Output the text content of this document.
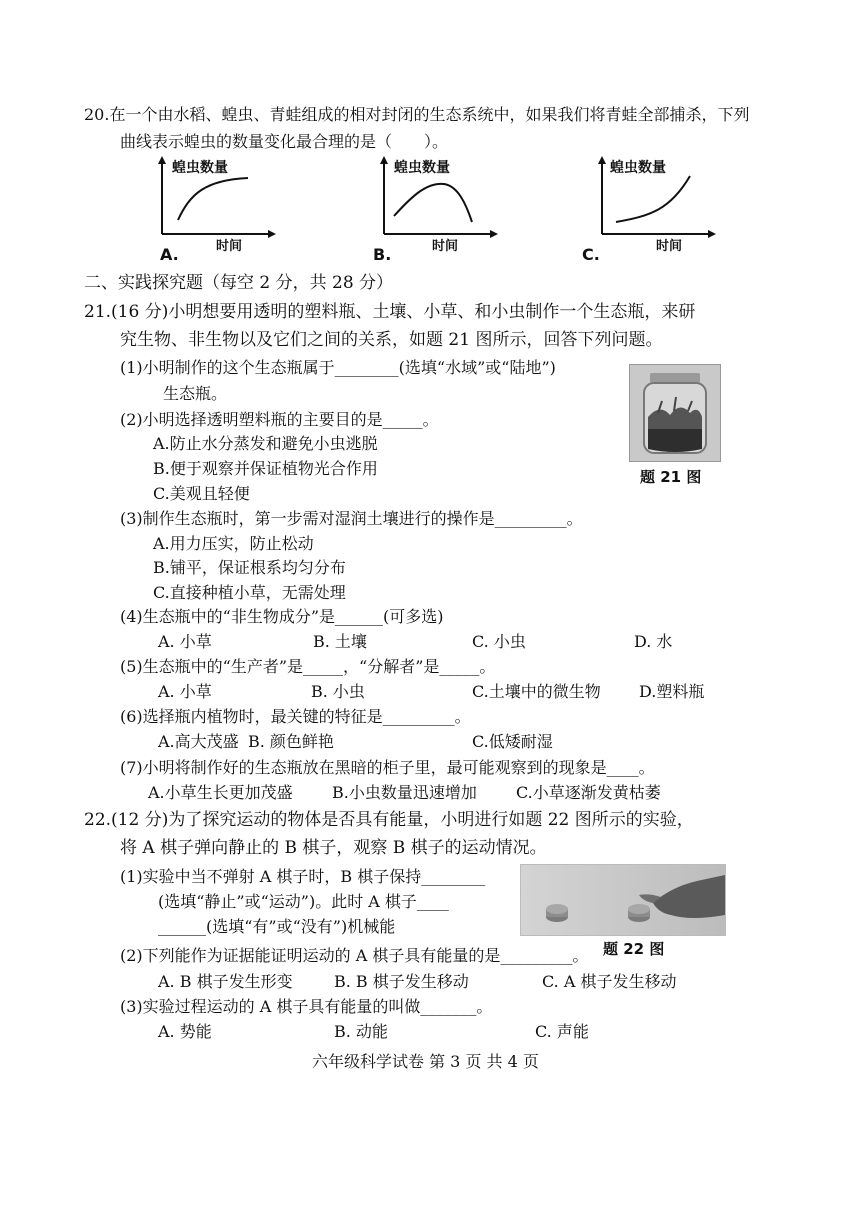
20.在一个由水稻、蝗虫、青蛙组成的相对封闭的生态系统中，如果我们将青蛙全部捕杀，下列
曲线表示蝗虫的数量变化最合理的是（　　）。
蝗虫数量
时间
A.
蝗虫数量
时间
B.
蝗虫数量
时间
C.
二、实践探究题（每空 2 分，共 28 分）
21.(16 分)小明想要用透明的塑料瓶、土壤、小草、和小虫制作一个生态瓶，来研
究生物、非生物以及它们之间的关系，如题 21 图所示，回答下列问题。
题 21 图
(1)小明制作的这个生态瓶属于________(选填“水域”或“陆地”)
生态瓶。
(2)小明选择透明塑料瓶的主要目的是_____。
A.防止水分蒸发和避免小虫逃脱
B.便于观察并保证植物光合作用
C.美观且轻便
(3)制作生态瓶时，第一步需对湿润土壤进行的操作是_________。
A.用力压实，防止松动
B.铺平，保证根系均匀分布
C.直接种植小草，无需处理
(4)生态瓶中的“非生物成分”是______(可多选)
A. 小草	B. 土壤	C. 小虫	D. 水
(5)生态瓶中的“生产者”是_____，“分解者”是_____。
A. 小草	B. 小虫	C.土壤中的微生物 D.塑料瓶
(6)选择瓶内植物时，最关键的特征是_________。
A.高大茂盛 B. 颜色鲜艳	C.低矮耐湿
(7)小明将制作好的生态瓶放在黑暗的柜子里，最可能观察到的现象是____。
A.小草生长更加茂盛 B.小虫数量迅速增加 C.小草逐渐发黄枯萎
22.(12 分)为了探究运动的物体是否具有能量，小明进行如题 22 图所示的实验，
将 A 棋子弹向静止的 B 棋子，观察 B 棋子的运动情况。
题 22 图
(1)实验中当不弹射 A 棋子时，B 棋子保持________
(选填“静止”或“运动”)。此时 A 棋子____
______(选填“有”或“没有”)机械能
(2)下列能作为证据能证明运动的 A 棋子具有能量的是_________。
A. B 棋子发生形变	B. B 棋子发生移动	C. A 棋子发生移动
(3)实验过程运动的 A 棋子具有能量的叫做_______。
A. 势能	B. 动能	C. 声能
六年级科学试卷 第 3 页 共 4 页
